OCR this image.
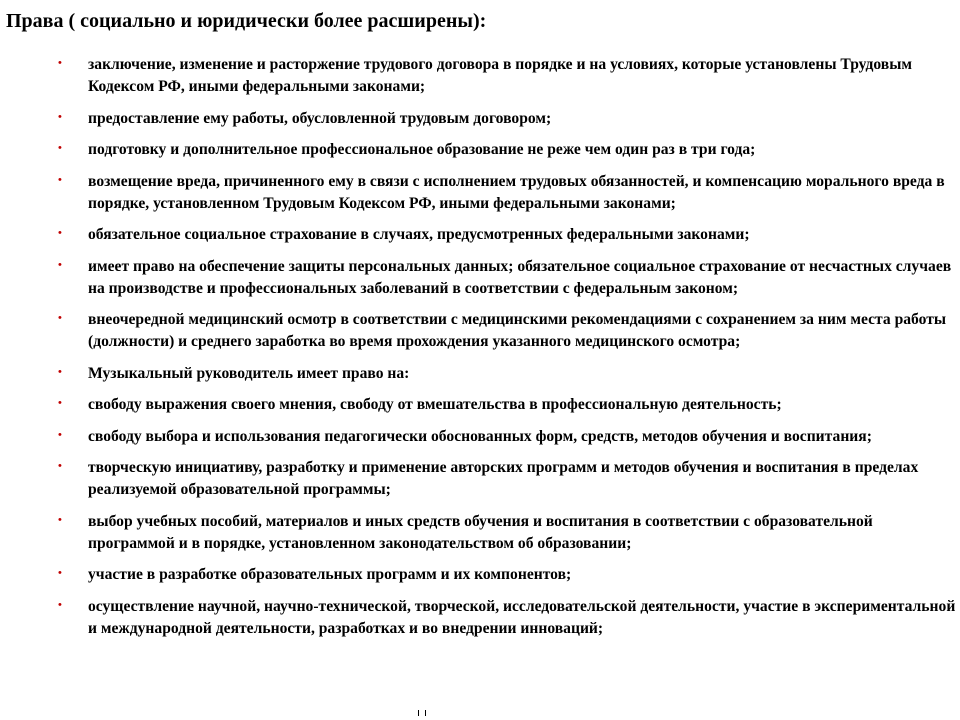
Права ( социально и юридически более расширены):
• заключение, изменение и расторжение трудового договора в порядке и на условиях, которые установлены Трудовым Кодексом РФ, иными федеральными законами;
• предоставление ему работы, обусловленной трудовым договором;
• подготовку и дополнительное профессиональное образование не реже чем один раз в три года;
• возмещение вреда, причиненного ему в связи с исполнением трудовых обязанностей, и компенсацию морального вреда в порядке, установленном Трудовым Кодексом РФ, иными федеральными законами;
• обязательное социальное страхование в случаях, предусмотренных федеральными законами;
• имеет право на обеспечение защиты персональных данных; обязательное социальное страхование от несчастных случаев на производстве и профессиональных заболеваний в соответствии с федеральным законом;
• внеочередной медицинский осмотр в соответствии с медицинскими рекомендациями с сохранением за ним места работы (должности) и среднего заработка во время прохождения указанного медицинского осмотра;
• Музыкальный руководитель имеет право на:
• свободу выражения своего мнения, свободу от вмешательства в профессиональную деятельность;
• свободу выбора и использования педагогически обоснованных форм, средств, методов обучения и воспитания;
• творческую инициативу, разработку и применение авторских программ и методов обучения и воспитания в пределах реализуемой образовательной программы;
• выбор учебных пособий, материалов и иных средств обучения и воспитания в соответствии с образовательной программой и в порядке, установленном законодательством об образовании;
• участие в разработке образовательных программ и их компонентов;
• осуществление научной, научно-технической, творческой, исследовательской деятельности, участие в экспериментальной и международной деятельности, разработках и во внедрении инноваций;
